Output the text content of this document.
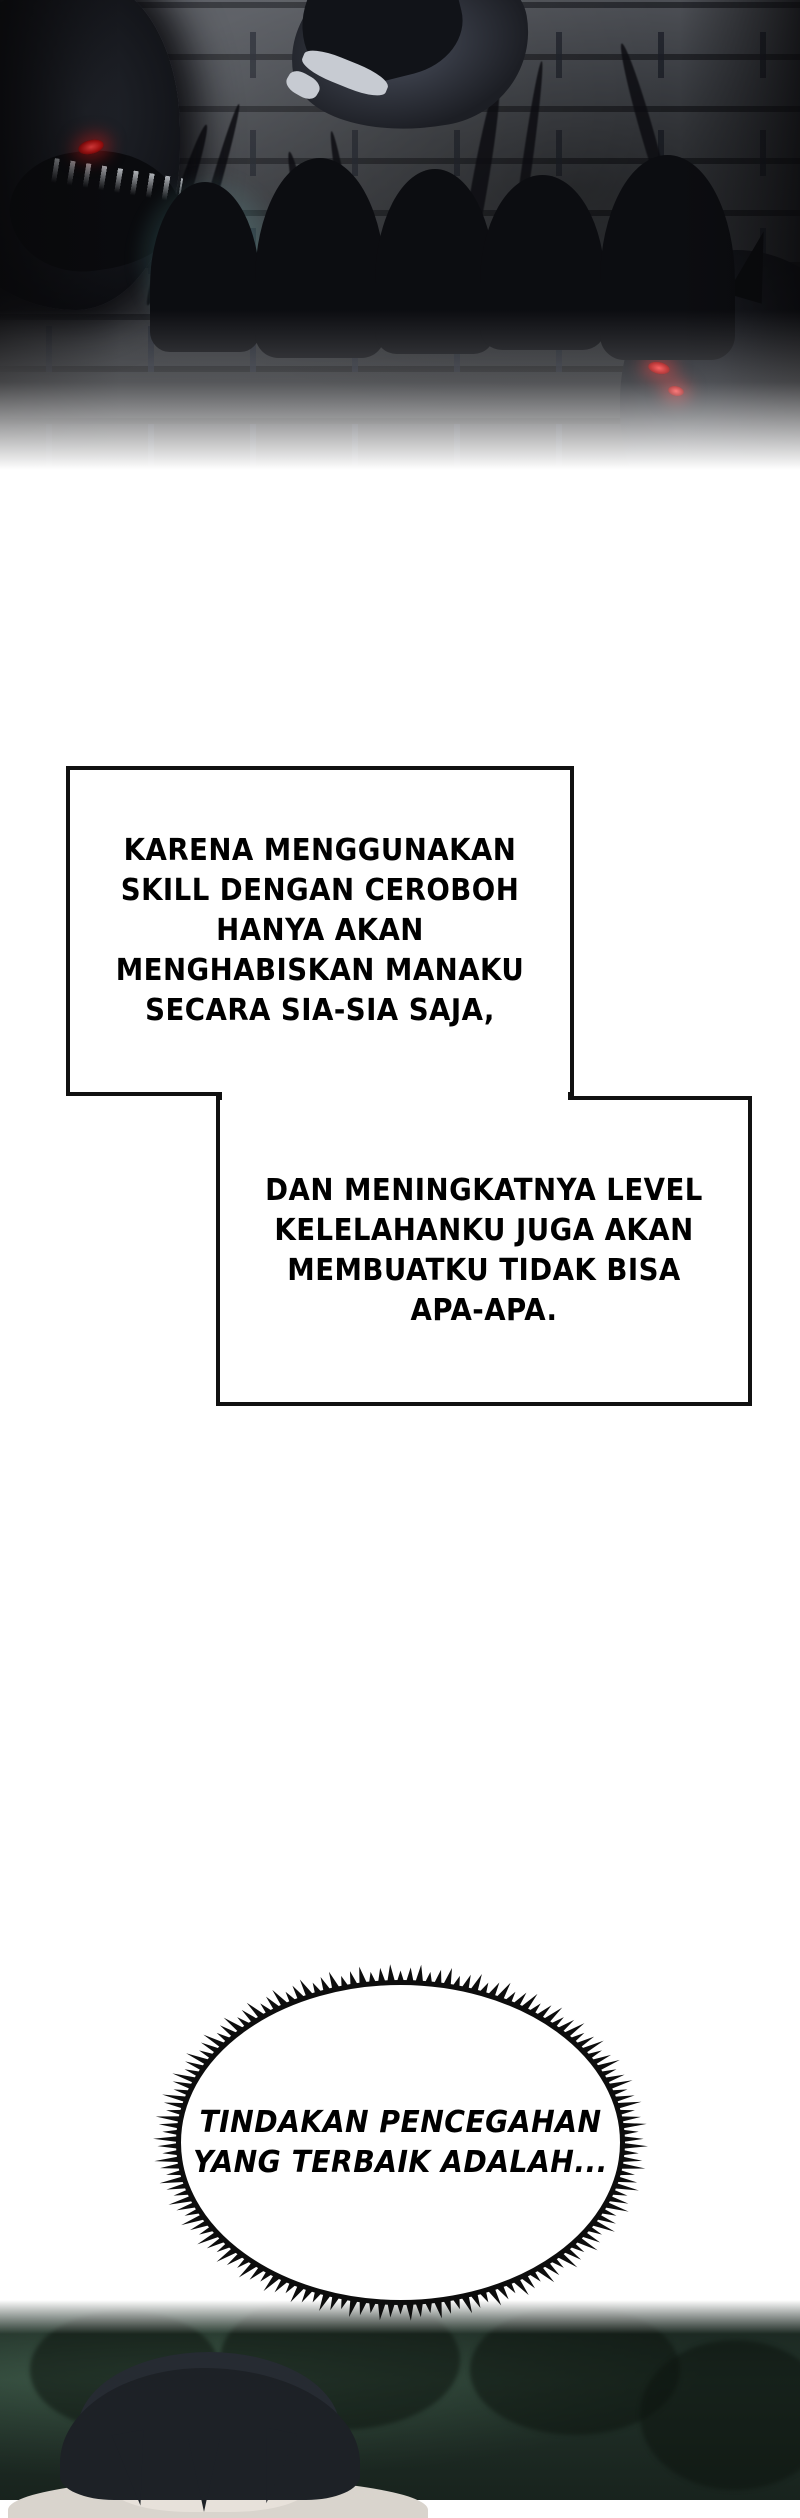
KARENA MENGGUNAKAN SKILL DENGAN CEROBOH HANYA AKAN MENGHABISKAN MANAKU SECARA SIA-SIA SAJA,
DAN MENINGKATNYA LEVEL KELELAHANKU JUGA AKAN MEMBUATKU TIDAK BISA APA-APA.
TINDAKAN PENCEGAHAN YANG TERBAIK ADALAH...
